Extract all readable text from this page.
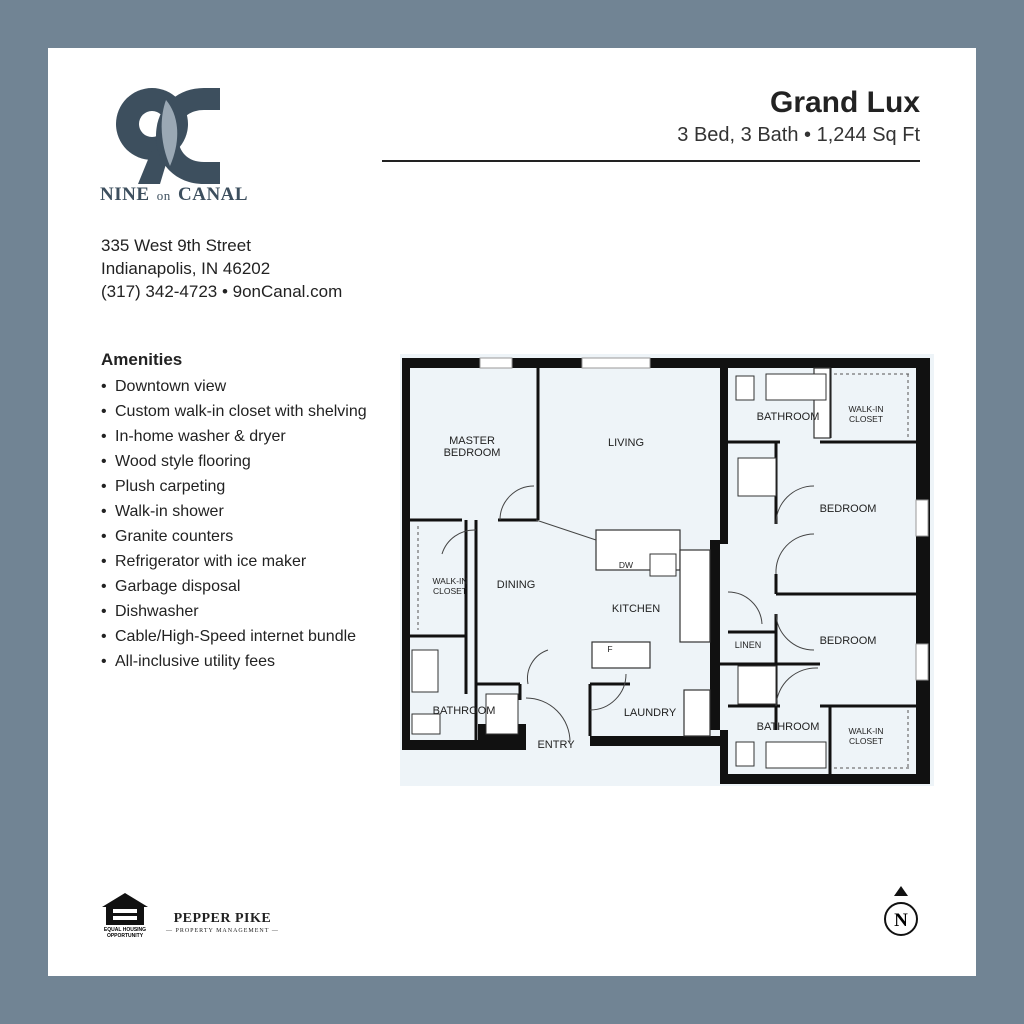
NINE on CANAL
Grand Lux
3 Bed, 3 Bath • 1,244 Sq Ft
335 West 9th Street
Indianapolis, IN 46202
(317) 342-4723 • 9onCanal.com
Amenities
• Downtown view
• Custom walk-in closet with shelving
• In-home washer & dryer
• Wood style flooring
• Plush carpeting
• Walk-in shower
• Granite counters
• Refrigerator with ice maker
• Garbage disposal
• Dishwasher
• Cable/High-Speed internet bundle
• All-inclusive utility fees
MASTER
BEDROOM
LIVING
BATHROOM
WALK-IN
CLOSET
BEDROOM
BEDROOM
WALK-IN
CLOSET	DINING
KITCHEN
DW
F	LINEN
BATHROOM	LAUNDRY
ENTRY
BATHROOM	WALK-IN
CLOSET
EQUAL HOUSING
OPPORTUNITY
PEPPER PIKE
— PROPERTY MANAGEMENT —	N
